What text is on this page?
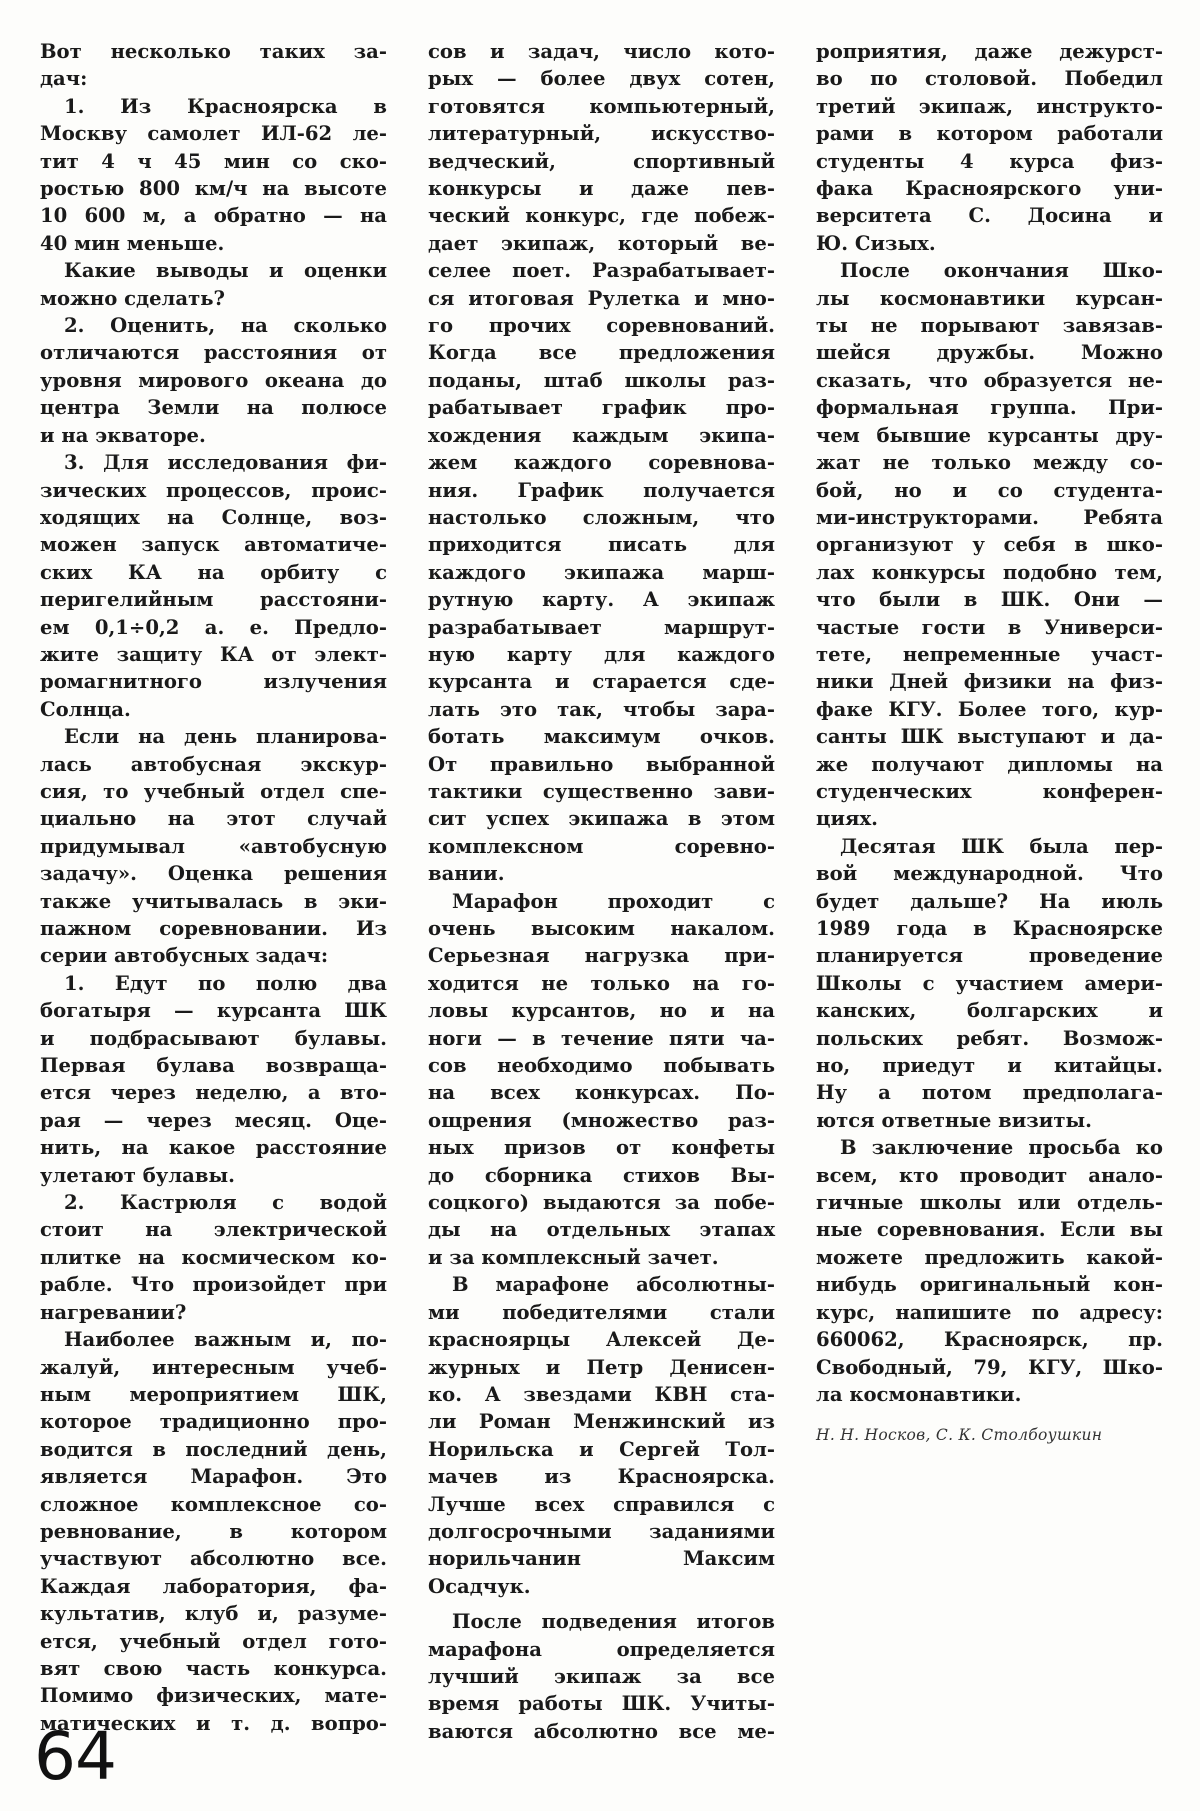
Вот несколько таких за-
дач:
1. Из Красноярска в
Москву самолет ИЛ-62 ле-
тит 4 ч 45 мин со ско-
ростью 800 км/ч на высоте
10 600 м, а обратно — на
40 мин меньше.
Какие выводы и оценки
можно сделать?
2. Оценить, на сколько
отличаются расстояния от
уровня мирового океана до
центра Земли на полюсе
и на экваторе.
3. Для исследования фи-
зических процессов, проис-
ходящих на Солнце, воз-
можен запуск автоматиче-
ских КА на орбиту с
перигелийным расстояни-
ем 0,1÷0,2 а. е. Предло-
жите защиту КА от элект-
ромагнитного излучения
Солнца.
Если на день планирова-
лась автобусная экскур-
сия, то учебный отдел спе-
циально на этот случай
придумывал «автобусную
задачу». Оценка решения
также учитывалась в эки-
пажном соревновании. Из
серии автобусных задач:
1. Едут по полю два
богатыря — курсанта ШК
и подбрасывают булавы.
Первая булава возвраща-
ется через неделю, а вто-
рая — через месяц. Оце-
нить, на какое расстояние
улетают булавы.
2. Кастрюля с водой
стоит на электрической
плитке на космическом ко-
рабле. Что произойдет при
нагревании?
Наиболее важным и, по-
жалуй, интересным учеб-
ным мероприятием ШК,
которое традиционно про-
водится в последний день,
является Марафон. Это
сложное комплексное со-
ревнование, в котором
участвуют абсолютно все.
Каждая лаборатория, фа-
культатив, клуб и, разуме-
ется, учебный отдел гото-
вят свою часть конкурса.
Помимо физических, мате-
матических и т. д. вопро-
сов и задач, число кото-
рых — более двух сотен,
готовятся компьютерный,
литературный, искусство-
ведческий, спортивный
конкурсы и даже пев-
ческий конкурс, где побеж-
дает экипаж, который ве-
селее поет. Разрабатывает-
ся итоговая Рулетка и мно-
го прочих соревнований.
Когда все предложения
поданы, штаб школы раз-
рабатывает график про-
хождения каждым экипа-
жем каждого соревнова-
ния. График получается
настолько сложным, что
приходится писать для
каждого экипажа марш-
рутную карту. А экипаж
разрабатывает маршрут-
ную карту для каждого
курсанта и старается сде-
лать это так, чтобы зара-
ботать максимум очков.
От правильно выбранной
тактики существенно зави-
сит успех экипажа в этом
комплексном соревно-
вании.
Марафон проходит с
очень высоким накалом.
Серьезная нагрузка при-
ходится не только на го-
ловы курсантов, но и на
ноги — в течение пяти ча-
сов необходимо побывать
на всех конкурсах. По-
ощрения (множество раз-
ных призов от конфеты
до сборника стихов Вы-
соцкого) выдаются за побе-
ды на отдельных этапах
и за комплексный зачет.
В марафоне абсолютны-
ми победителями стали
красноярцы Алексей Де-
журных и Петр Денисен-
ко. А звездами КВН ста-
ли Роман Менжинский из
Норильска и Сергей Тол-
мачев из Красноярска.
Лучше всех справился с
долгосрочными заданиями
норильчанин Максим
Осадчук.
После подведения итогов
марафона определяется
лучший экипаж за все
время работы ШК. Учиты-
ваются абсолютно все ме-
роприятия, даже дежурст-
во по столовой. Победил
третий экипаж, инструкто-
рами в котором работали
студенты 4 курса физ-
фака Красноярского уни-
верситета С. Досина и
Ю. Сизых.
После окончания Шко-
лы космонавтики курсан-
ты не порывают завязав-
шейся дружбы. Можно
сказать, что образуется не-
формальная группа. При-
чем бывшие курсанты дру-
жат не только между со-
бой, но и со студента-
ми-инструкторами. Ребята
организуют у себя в шко-
лах конкурсы подобно тем,
что были в ШК. Они —
частые гости в Универси-
тете, непременные участ-
ники Дней физики на физ-
факе КГУ. Более того, кур-
санты ШК выступают и да-
же получают дипломы на
студенческих конферен-
циях.
Десятая ШК была пер-
вой международной. Что
будет дальше? На июль
1989 года в Красноярске
планируется проведение
Школы с участием амери-
канских, болгарских и
польских ребят. Возмож-
но, приедут и китайцы.
Ну а потом предполага-
ются ответные визиты.
В заключение просьба ко
всем, кто проводит анало-
гичные школы или отдель-
ные соревнования. Если вы
можете предложить какой-
нибудь оригинальный кон-
курс, напишите по адресу:
660062, Красноярск, пр.
Свободный, 79, КГУ, Шко-
ла космонавтики.
Н. Н. Носков, С. К. Столбоушкин
64
